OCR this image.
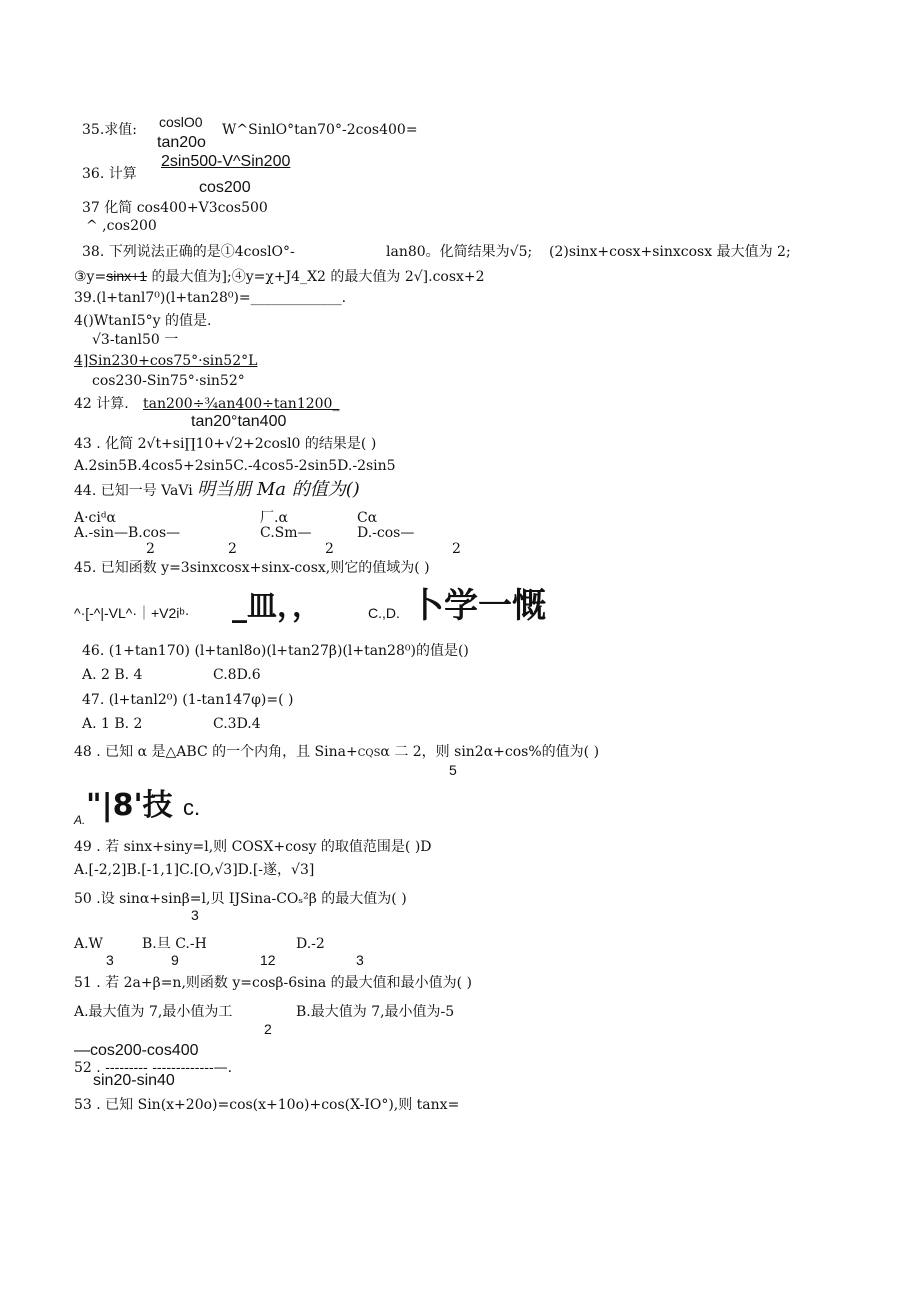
35.求值: coslO0
tan20o
W^SinlO°tan70° -2cos400=
2sin500-V^Sin200
36. 计算
cos200
37 化简 cos400+V3cos500
^ ,cos200
38. 下列说法正确的是①4coslO°-	lan80。化简结果为√5; (2)sinx+cosx+sinxcosx 最大值为 2;
③y=sinx+1 的最大值为];④y=χ+J4_X2 的最大值为 2√].cosx+2
39.(l+tanl7⁰)(l+tan28⁰)=_____________.
4()WtanI5°y 的值是.
√3-tanl50 一
4]Sin230+cos75°·sin52°L
cos230-Sin75°·sin52°
42 计算. tan200÷¾an400÷tan1200_
tan20°tan400
43 . 化简 2√t+si∏10+√2+2cosl0 的结果是( )
A.2sin5B.4cos5+2sin5C.-4cos5-2sin5D.-2sin5
44. 已知一号 VaVi 明当朋 Ma 的值为()
A·ciᵈα	厂.α	Cα
A.-sin—B.cos—	C.Sm—	D.-cos—
2	2	2	2
45. 已知函数 y=3sinxcosx+sinx-cosx,则它的值域为( )
^·[-^|-VL^·｜+V2iᵇ· _皿，，	C.,D. 卜学一慨
46. (1+tan170) (l+tanl8o)(l+tan27β)(l+tan28⁰)的值是()
A. 2 B. 4	C.8D.6
47. (l+tanl2⁰) (1-tan147φ)=( )
A. 1 B. 2	C.3D.4
48 . 已知 α 是△ABC 的一个内角，且 Sina+CQSα 二 2，则 sin2α+cos%的值为( )
5
A. "|8'技 c.
49 . 若 sinx+siny=l,则 COSX+cosy 的取值范围是( )D
A.[-2,2]B.[-1,1]C.[O,√3]D.[-遂，√3]
50 .设 sinα+sinβ=l,贝 IJSina-COₛ²β 的最大值为( )
3
A.W	B.旦 C.-H	D.-2
3	9	12	3
51 . 若 2a+β=n,则函数 y=cosβ-6sina 的最大值和最小值为( )
A.最大值为 7,最小值为工	B.最大值为 7,最小值为-5
2
—cos200-cos400
52 . --------- -------------—.
sin20-sin40
53 . 已知 Sin(x+20o)=cos(x+10o)+cos(X-IO°),则 tanx=
